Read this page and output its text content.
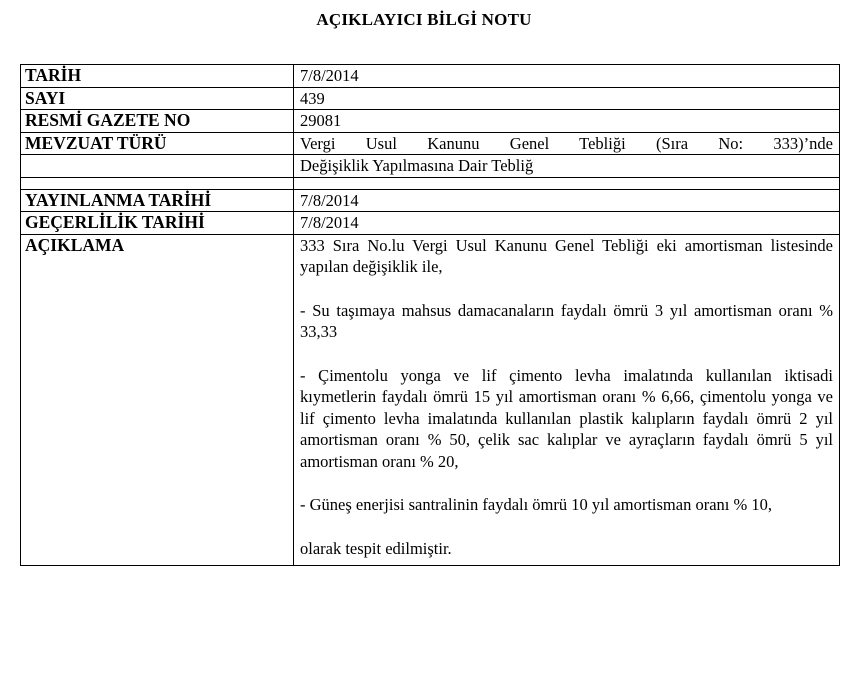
AÇIKLAYICI BİLGİ NOTU
TARİH	7/8/2014
SAYI	439
RESMİ GAZETE NO	29081
MEVZUAT TÜRÜ	Vergi Usul Kanunu Genel Tebliği (Sıra No: 333)’nde

	Değişiklik Yapılmasına Dair Tebliğ

YAYINLANMA TARİHİ	7/8/2014
GEÇERLİLİK TARİHİ	7/8/2014
AÇIKLAMA	333 Sıra No.lu Vergi Usul Kanunu Genel Tebliği eki amortisman listesinde yapılan değişiklik ile,

- Su taşımaya mahsus damacanaların faydalı ömrü 3 yıl amortisman oranı % 33,33

- Çimentolu yonga ve lif çimento levha imalatında kullanılan iktisadi kıymetlerin faydalı ömrü 15 yıl amortisman oranı % 6,66, çimentolu yonga ve lif çimento levha imalatında kullanılan plastik kalıpların faydalı ömrü 2 yıl amortisman oranı % 50, çelik sac kalıplar ve ayraçların faydalı ömrü 5 yıl amortisman oranı % 20,

- Güneş enerjisi santralinin faydalı ömrü 10 yıl amortisman oranı % 10,

olarak tespit edilmiştir.
